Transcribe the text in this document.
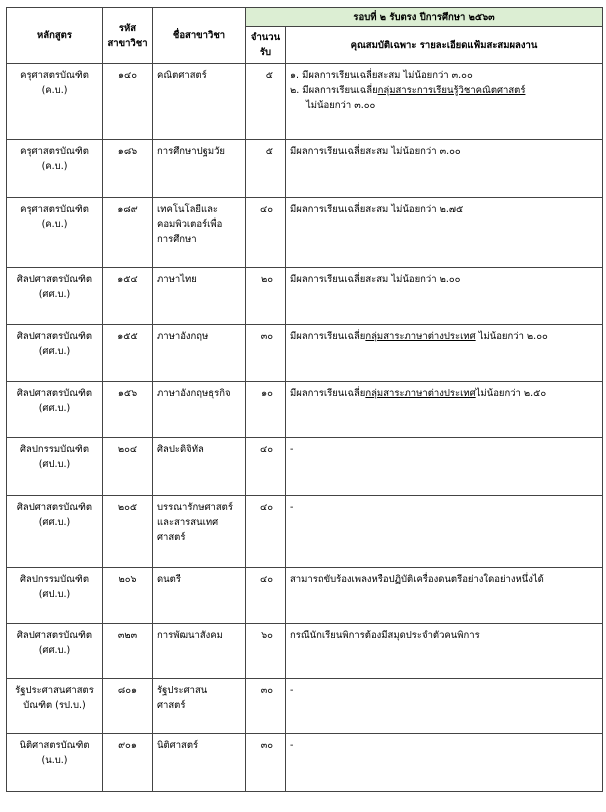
หลักสูตร	รหัส สาขาวิชา	ชื่อสาขาวิชา	รอบที่ ๒ รับตรง ปีการศึกษา ๒๕๖๓	
			จำนวน รับ	คุณสมบัติเฉพาะ รายละเอียดแฟ้มสะสมผลงาน

ครุศาสตรบัณฑิต
(ค.บ.)	๑๔๐	คณิตศาสตร์	๕	๑. มีผลการเรียนเฉลี่ยสะสม ไม่น้อยกว่า ๓.๐๐
๒. มีผลการเรียนเฉลี่ยกลุ่มสาระการเรียนรู้วิชาคณิตศาสตร์
ไม่น้อยกว่า ๓.๐๐

ครุศาสตรบัณฑิต
(ค.บ.)	๑๘๖	การศึกษาปฐมวัย	๕	มีผลการเรียนเฉลี่ยสะสม ไม่น้อยกว่า ๓.๐๐

ครุศาสตรบัณฑิต
(ค.บ.)	๑๘๙	เทคโนโลยีและ
คอมพิวเตอร์เพื่อ
การศึกษา	๔๐	มีผลการเรียนเฉลี่ยสะสม ไม่น้อยกว่า ๒.๗๕

ศิลปศาสตรบัณฑิต
(ศศ.บ.)	๑๕๔	ภาษาไทย	๒๐	มีผลการเรียนเฉลี่ยสะสม ไม่น้อยกว่า ๒.๐๐

ศิลปศาสตรบัณฑิต
(ศศ.บ.)	๑๕๕	ภาษาอังกฤษ	๓๐	มีผลการเรียนเฉลี่ยกลุ่มสาระภาษาต่างประเทศ ไม่น้อยกว่า ๒.๐๐

ศิลปศาสตรบัณฑิต
(ศศ.บ.)	๑๕๖	ภาษาอังกฤษธุรกิจ	๑๐	มีผลการเรียนเฉลี่ยกลุ่มสาระภาษาต่างประเทศไม่น้อยกว่า ๒.๕๐

ศิลปกรรมบัณฑิต
(ศป.บ.)	๒๐๔	ศิลปะดิจิทัล	๔๐	-

ศิลปศาสตรบัณฑิต
(ศศ.บ.)	๒๐๕	บรรณารักษศาสตร์
และสารสนเทศ
ศาสตร์	๔๐	-

ศิลปกรรมบัณฑิต
(ศป.บ.)	๒๐๖	ดนตรี	๔๐	สามารถขับร้องเพลงหรือปฏิบัติเครื่องดนตรีอย่างใดอย่างหนึ่งได้

ศิลปศาสตรบัณฑิต
(ศศ.บ.)	๓๒๓	การพัฒนาสังคม	๖๐	กรณีนักเรียนพิการต้องมีสมุดประจำตัวคนพิการ

รัฐประศาสนศาสตร
บัณฑิต (รป.บ.)	๘๐๑	รัฐประศาสน
ศาสตร์	๓๐	-

นิติศาสตรบัณฑิต
(น.บ.)	๙๐๑	นิติศาสตร์	๓๐	-
